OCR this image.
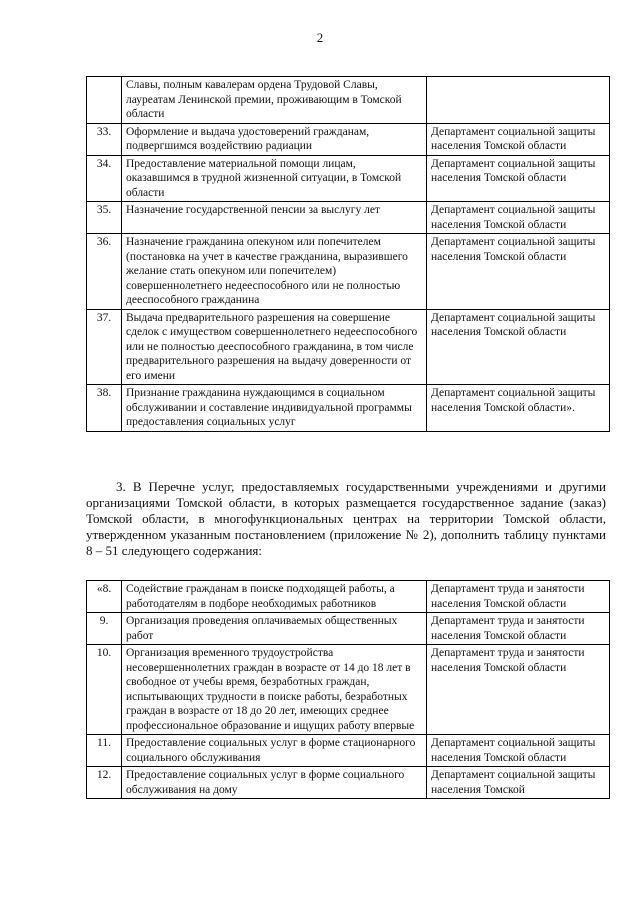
2
	Славы, полным кавалерам ордена Трудовой Славы, лауреатам Ленинской премии, проживающим в Томской области	
33.	Оформление и выдача удостоверений гражданам, подвергшимся воздействию радиации	Департамент социальной защиты населения Томской области
34.	Предоставление материальной помощи лицам, оказавшимся в трудной жизненной ситуации, в Томской области	Департамент социальной защиты населения Томской области
35.	Назначение государственной пенсии за выслугу лет	Департамент социальной защиты населения Томской области
36.	Назначение гражданина опекуном или попечителем (постановка на учет в качестве гражданина, выразившего желание стать опекуном или попечителем) совершеннолетнего недееспособного или не полностью дееспособного гражданина	Департамент социальной защиты населения Томской области
37.	Выдача предварительного разрешения на совершение сделок с имуществом совершеннолетнего недееспособного или не полностью дееспособного гражданина, в том числе предварительного разрешения на выдачу доверенности от его имени	Департамент социальной защиты населения Томской области
38.	Признание гражданина нуждающимся в социальном обслуживании и составление индивидуальной программы предоставления социальных услуг	Департамент социальной защиты населения Томской области».
3. В Перечне услуг, предоставляемых государственными учреждениями и другими организациями Томской области, в которых размещается государственное задание (заказ) Томской области, в многофункциональных центрах на территории Томской области, утвержденном указанным постановлением (приложение № 2), дополнить таблицу пунктами 8 – 51 следующего содержания:
«8.	Содействие гражданам в поиске подходящей работы, а работодателям в подборе необходимых работников	Департамент труда и занятости населения Томской области
9.	Организация проведения оплачиваемых общественных работ	Департамент труда и занятости населения Томской области
10.	Организация временного трудоустройства несовершеннолетних граждан в возрасте от 14 до 18 лет в свободное от учебы время, безработных граждан, испытывающих трудности в поиске работы, безработных граждан в возрасте от 18 до 20 лет, имеющих среднее профессиональное образование и ищущих работу впервые	Департамент труда и занятости населения Томской области
11.	Предоставление социальных услуг в форме стационарного социального обслуживания	Департамент социальной защиты населения Томской области
12.	Предоставление социальных услуг в форме социального обслуживания на дому	Департамент социальной защиты населения Томской
